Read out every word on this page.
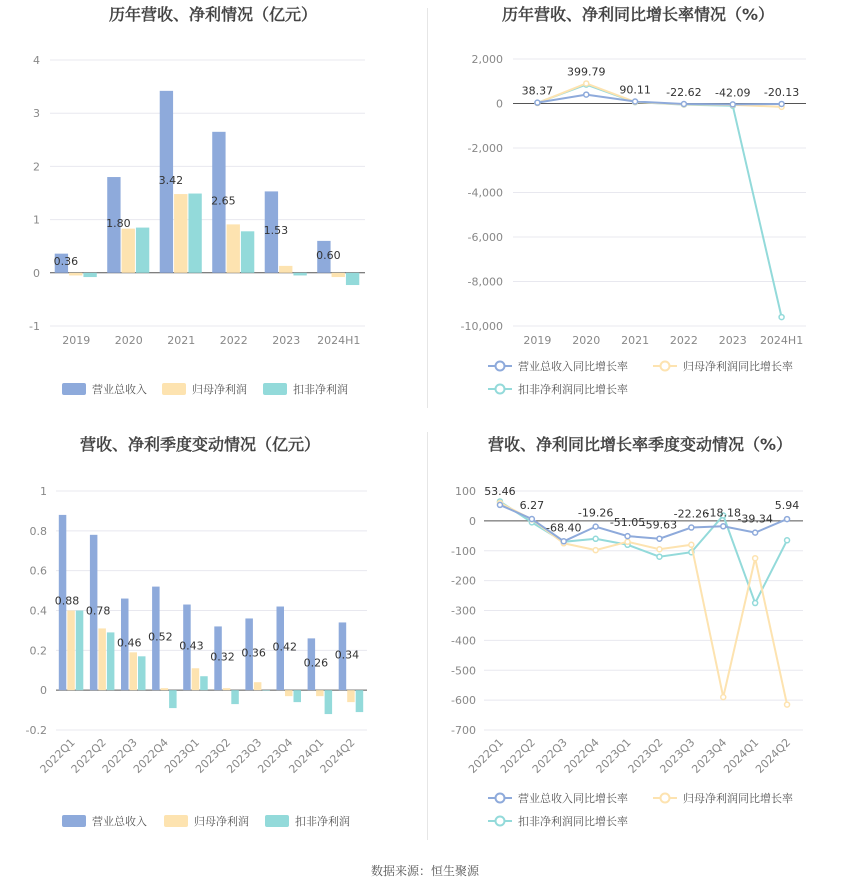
历年营收、净利情况（亿元）
-1
0
1
2
3
4
2019 2020 2021 2022 2023 2024H1
0.36
1.80
3.42
2.65
1.53
0.60
营业总收入	归母净利润	扣非净利润
历年营收、净利同比增长率情况（%）
2,000
0
-2,000
-4,000
-6,000
-8,000
-10,000
2019 2020 2021 2022 2023 2024H1
38.37
399.79
90.11 -22.62 -42.09 -20.13
营业总收入同比增长率	归母净利润同比增长率
扣非净利润同比增长率
营收、净利季度变动情况（亿元）
-0.2
0
0.2
0.4
0.6
0.8
1
2022Q1
2022Q2
2022Q3
2022Q4
2023Q1
2023Q2
2023Q3
2023Q4
2024Q1
2024Q2
0.88
0.78
0.46 0.52
0.43
0.32 0.36 0.42
0.26
0.34
营业总收入	归母净利润	扣非净利润
营收、净利同比增长率季度变动情况（%）
100
0
-100
-200
-300
-400
-500
-600
-700
2022Q1
2022Q2
2022Q3
2022Q4
2023Q1
2023Q2
2023Q3
2023Q4
2024Q1
2024Q2
53.46
6.27
-68.40
-19.26
-51.05
-59.63
-22.26
-18.18
-39.34
5.94
营业总收入同比增长率	归母净利润同比增长率
扣非净利润同比增长率
数据来源：恒生聚源
